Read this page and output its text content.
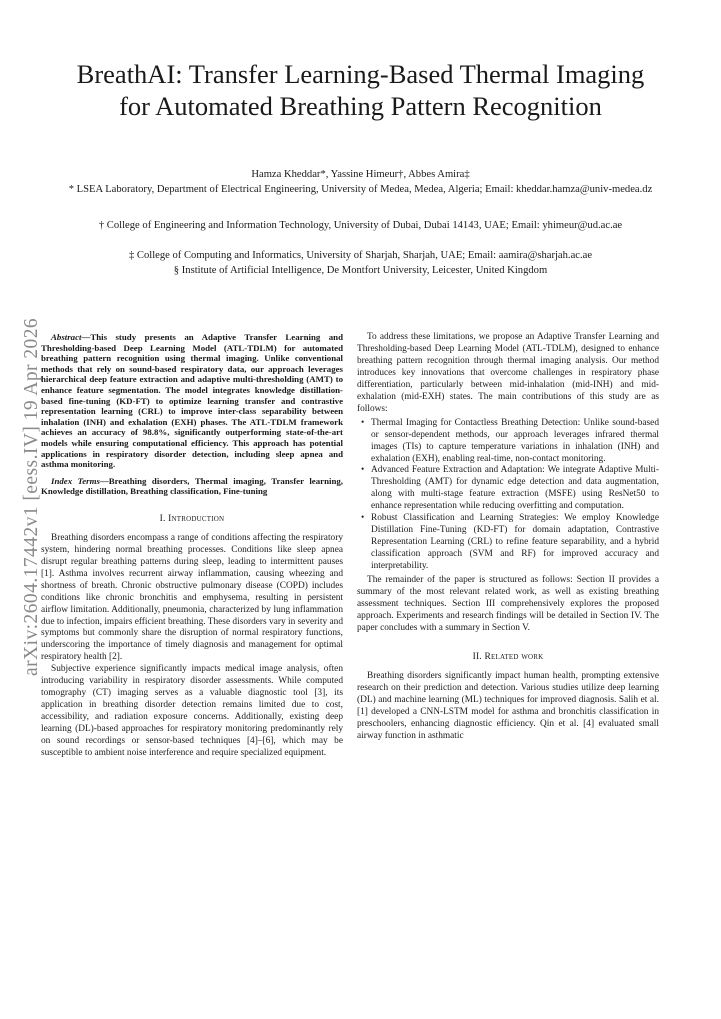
BreathAI: Transfer Learning-Based Thermal Imaging for Automated Breathing Pattern Recognition
Hamza Kheddar*, Yassine Himeur†, Abbes Amira‡
* LSEA Laboratory, Department of Electrical Engineering, University of Medea, Medea, Algeria; Email: kheddar.hamza@univ-medea.dz
† College of Engineering and Information Technology, University of Dubai, Dubai 14143, UAE; Email: yhimeur@ud.ac.ae
‡ College of Computing and Informatics, University of Sharjah, Sharjah, UAE; Email: aamira@sharjah.ac.ae
§ Institute of Artificial Intelligence, De Montfort University, Leicester, United Kingdom
arXiv:2604.17442v1 [eess.IV] 19 Apr 2026	Abstract—This study presents an Adaptive Transfer Learning and Thresholding-based Deep Learning Model (ATL-TDLM) for automated breathing pattern recognition using thermal imaging. Unlike conventional methods that rely on sound-based respiratory data, our approach leverages hierarchical deep feature extraction and adaptive multi-thresholding (AMT) to enhance feature segmentation. The model integrates knowledge distillation-based fine-tuning (KD-FT) to optimize learning transfer and contrastive representation learning (CRL) to improve inter-class separability between inhalation (INH) and exhalation (EXH) phases. The ATL-TDLM framework achieves an accuracy of 98.8%, significantly outperforming state-of-the-art models while ensuring computational efficiency. This approach has potential applications in respiratory disorder detection, including sleep apnea and asthma monitoring.

Index Terms—Breathing disorders, Thermal imaging, Transfer learning, Knowledge distillation, Breathing classification, Fine-tuning

I. Introduction

Breathing disorders encompass a range of conditions affecting the respiratory system, hindering normal breathing processes. Conditions like sleep apnea disrupt regular breathing patterns during sleep, leading to intermittent pauses [1]. Asthma involves recurrent airway inflammation, causing wheezing and shortness of breath. Chronic obstructive pulmonary disease (COPD) includes conditions like chronic bronchitis and emphysema, resulting in persistent airflow limitation. Additionally, pneumonia, characterized by lung inflammation due to infection, impairs efficient breathing. These disorders vary in severity and symptoms but commonly share the disruption of normal respiratory functions, underscoring the importance of timely diagnosis and management for optimal respiratory health [2].

Subjective experience significantly impacts medical image analysis, often introducing variability in respiratory disorder assessments. While computed tomography (CT) imaging serves as a valuable diagnostic tool [3], its application in breathing disorder detection remains limited due to cost, accessibility, and radiation exposure concerns. Additionally, existing deep learning (DL)-based approaches for respiratory monitoring predominantly rely on sound recordings or sensor-based techniques [4]–[6], which may be susceptible to ambient noise interference and require specialized equipment.

To address these limitations, we propose an Adaptive Transfer Learning and Thresholding-based Deep Learning Model (ATL-TDLM), designed to enhance breathing pattern recognition through thermal imaging analysis. Our method introduces key innovations that overcome challenges in respiratory phase differentiation, particularly between mid-inhalation (mid-INH) and mid-exhalation (mid-EXH) states. The main contributions of this study are as follows:

• Thermal Imaging for Contactless Breathing Detection: Unlike sound-based or sensor-dependent methods, our approach leverages infrared thermal images (TIs) to capture temperature variations in inhalation (INH) and exhalation (EXH), enabling real-time, non-contact monitoring.
• Advanced Feature Extraction and Adaptation: We integrate Adaptive Multi-Thresholding (AMT) for dynamic edge detection and data augmentation, along with multi-stage feature extraction (MSFE) using ResNet50 to enhance representation while reducing overfitting and computation.
• Robust Classification and Learning Strategies: We employ Knowledge Distillation Fine-Tuning (KD-FT) for domain adaptation, Contrastive Representation Learning (CRL) to refine feature separability, and a hybrid classification approach (SVM and RF) for improved accuracy and interpretability.

The remainder of the paper is structured as follows: Section II provides a summary of the most relevant related work, as well as existing breathing assessment techniques. Section III comprehensively explores the proposed approach. Experiments and research findings will be detailed in Section IV. The paper concludes with a summary in Section V.

II. Related work

Breathing disorders significantly impact human health, prompting extensive research on their prediction and detection. Various studies utilize deep learning (DL) and machine learning (ML) techniques for improved diagnosis. Salih et al. [1] developed a CNN-LSTM model for asthma and bronchitis classification in preschoolers, enhancing diagnostic efficiency. Qin et al. [4] evaluated small airway function in asthmatic
